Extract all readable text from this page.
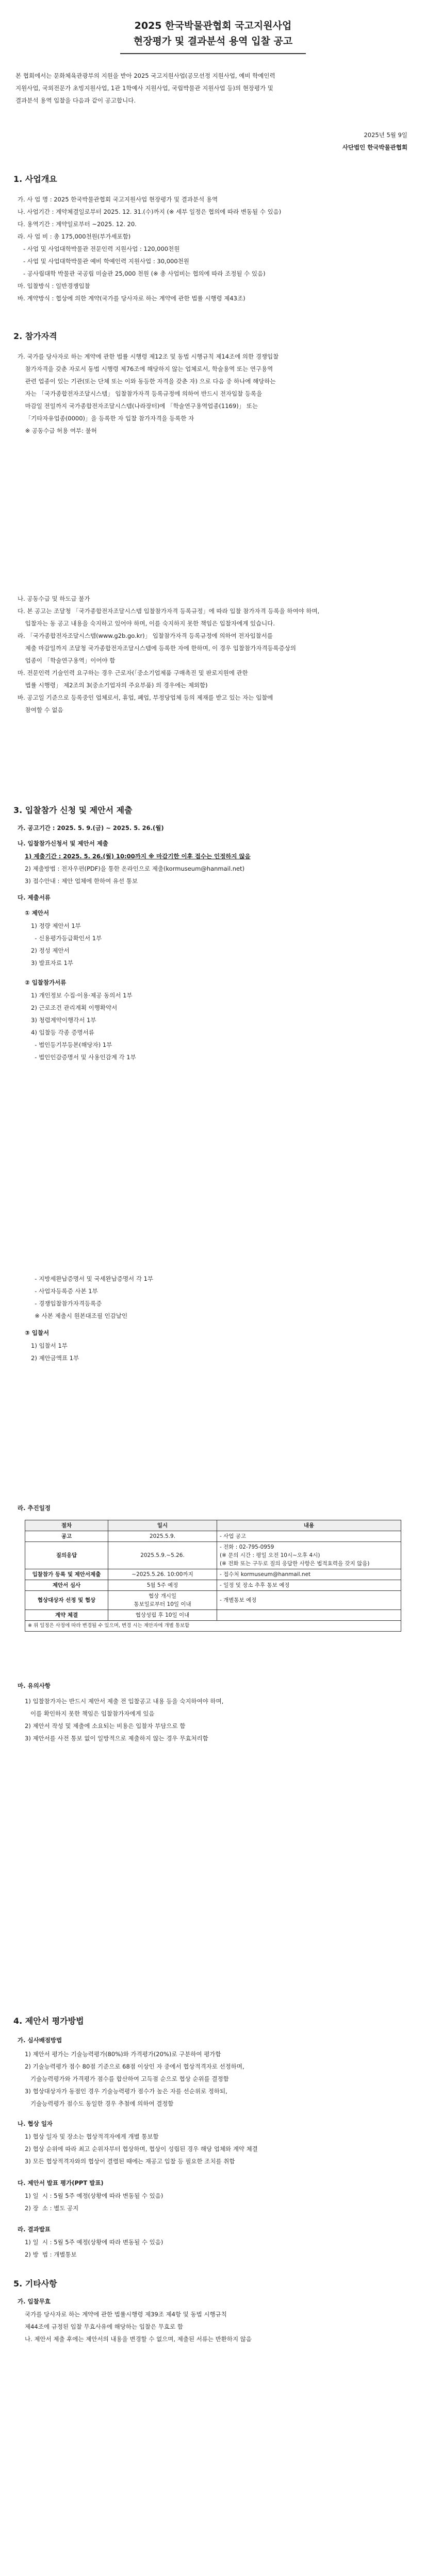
2025 한국박물관협회 국고지원사업
현장평가 및 결과분석 용역 입찰 공고
본 협회에서는 문화체육관광부의 지원을 받아 2025 국고지원사업(공모선정 지원사업, 예비 학예인력
지원사업, 국외전문가 초빙지원사업, 1관 1학예사 지원사업, 국립박물관 지원사업 등)의 현장평가 및
결과분석 용역 입찰을 다음과 같이 공고합니다.
2025년 5월 9일
사단법인 한국박물관협회
1. 사업개요
가. 사 업 명 : 2025 한국박물관협회 국고지원사업 현장평가 및 결과분석 용역
나. 사업기간 : 계약체결일로부터 2025. 12. 31.(수)까지 (※ 세부 일정은 협의에 따라 변동될 수 있음)
다. 용역기간 : 계약일로부터 ~2025. 12. 20.
라. 사 업 비 : 총 175,000천원(부가세포함)
- 사업 및 사업대학박물관 전문인력 지원사업 : 120,000천원
- 사업 및 사업대학박물관 예비 학예인력 지원사업 : 30,000천원
- 공사립대학 박물관 국공립 미술관 25,000 천원 (※ 총 사업비는 협의에 따라 조정될 수 있음)
마. 입찰방식 : 일반경쟁입찰
바. 계약방식 : 협상에 의한 계약(국가를 당사자로 하는 계약에 관한 법률 시행령 제43조)
2. 참가자격
가. 국가를 당사자로 하는 계약에 관한 법률 시행령 제12조 및 동법 시행규칙 제14조에 의한 경쟁입찰
참가자격을 갖춘 자로서 동법 시행령 제76조에 해당하지 않는 업체로서, 학술용역 또는 연구용역
관련 업종이 있는 기관(또는 단체 또는 이와 동등한 자격을 갖춘 자) 으로 다음 중 하나에 해당하는
자는 「국가종합전자조달시스템」 입찰참가자격 등록규정에 의하여 반드시 전자입찰 등록을
마감일 전일까지 국가종합전자조달시스템(나라장터)에 「학술연구용역업종(1169)」 또는
「기타자유업종(0000)」을 등록한 자 입찰 참가자격을 등록한 자
※ 공동수급 허용 여부: 불허
나. 공동수급 및 하도급 불가
다. 본 공고는 조달청 「국가종합전자조달시스템 입찰참가자격 등록규정」에 따라 입찰 참가자격 등록을 하여야 하며,
입찰자는 동 공고 내용을 숙지하고 있어야 하며, 이를 숙지하지 못한 책임은 입찰자에게 있습니다.
라. 「국가종합전자조달시스템(www.g2b.go.kr)」 입찰참가자격 등록규정에 의하여 전자입찰서를
제출 마감일까지 조달청 국가종합전자조달시스템에 등록한 자에 한하며, 이 경우 입찰참가자격등록증상의
업종이 「학술연구용역」이어야 함
마. 전문인력 기술인력 요구하는 경우 근로자(「중소기업제품 구매촉진 및 판로지원에 관한
법률 시행령」 제2조의 3(중소기업자의 주요부품) 의 경우에는 제외함)
바. 공고일 기준으로 등록중인 업체로서, 휴업, 폐업, 부정당업체 등의 제재를 받고 있는 자는 입찰에
참여할 수 없음
3. 입찰참가 신청 및 제안서 제출
가. 공고기간 : 2025. 5. 9.(금) ~ 2025. 5. 26.(월)
나. 입찰참가신청서 및 제안서 제출
1) 제출기간 : 2025. 5. 26.(월) 10:00까지 ※ 마감기한 이후 접수는 인정하지 않음
2) 제출방법 : 전자우편(PDF)을 통한 온라인으로 제출(kormuseum@hanmail.net)
3) 접수안내 : 제안 업체에 한하여 유선 통보
다. 제출서류
① 제안서
1) 정량 제안서 1부
- 신용평가등급확인서 1부
2) 정성 제안서
3) 발표자료 1부
② 입찰참가서류
1) 개인정보 수집·이용·제공 동의서 1부
2) 근로조건 관리계획 이행확약서
3) 청렴계약이행각서 1부
4) 입찰등 각종 증명서류
- 법인등기부등본(해당자) 1부
- 법인인감증명서 및 사용인감계 각 1부
- 지방세완납증명서 및 국세완납증명서 각 1부
- 사업자등록증 사본 1부
- 경쟁입찰참가자격등록증
※ 사본 제출시 원본대조필 인감날인
③ 입찰서
1) 입찰서 1부
2) 제안금액표 1부
라. 추진일정
절차	일시	내용
공고	2025.5.9.	- 사업 공고
질의응답	2025.5.9.~5.26.	- 전화 : 02-795-0959
(※ 문의 시간 : 평일 오전 10시~오후 4시)
(※ 전화 또는 구두로 질의 응답한 사항은 법적효력을 갖지 않음)
입찰참가 등록 및 제안서제출	~2025.5.26. 10:00까지	- 접수처 kormuseum@hanmail.net
제안서 심사	5월 5주 예정	- 일정 및 장소 추후 통보 예정
협상대상자 선정 및 협상	협상 개시일
통보일로부터 10일 이내	- 개별통보 예정
계약 체결	협상성립 후 10일 이내	
※ 위 일정은 사정에 따라 변경될 수 있으며, 변경 시는 제안자에 개별 통보함		
마. 유의사항
1) 입찰참가자는 반드시 제안서 제출 전 입찰공고 내용 등을 숙지하여야 하며,
이를 확인하지 못한 책임은 입찰참가자에게 있음
2) 제안서 작성 및 제출에 소요되는 비용은 입찰자 부담으로 함
3) 제안서를 사전 통보 없이 일방적으로 제출하지 않는 경우 무효처리함
4. 제안서 평가방법
가. 심사배점방법
1) 제안서 평가는 기술능력평가(80%)와 가격평가(20%)로 구분하여 평가함
2) 기술능력평가 점수 80점 기준으로 68점 이상인 자 중에서 협상적격자로 선정하며,
기술능력평가와 가격평가 점수를 합산하여 고득점 순으로 협상 순위를 결정함
3) 협상대상자가 동점인 경우 기술능력평가 점수가 높은 자를 선순위로 정하되,
기술능력평가 점수도 동일한 경우 추첨에 의하여 결정함
나. 협상 일자
1) 협상 일자 및 장소는 협상적격자에게 개별 통보함
2) 협상 순위에 따라 최고 순위자부터 협상하며, 협상이 성립된 경우 해당 업체와 계약 체결
3) 모든 협상적격자와의 협상이 결렬된 때에는 재공고 입찰 등 필요한 조치를 취함
다. 제안서 발표 평가(PPT 발표)
1) 일  시 : 5월 5주 예정(상황에 따라 변동될 수 있음)
2) 장  소 : 별도 공지
라. 결과발표
1) 일  시 : 5월 5주 예정(상황에 따라 변동될 수 있음)
2) 방  법 : 개별통보
5. 기타사항
가. 입찰무효
국가를 당사자로 하는 계약에 관한 법률시행령 제39조 제4항 및 동법 시행규칙
제44조에 규정된 입찰 무효사유에 해당하는 입찰은 무효로 함
나. 제안서 제출 후에는 제안서의 내용을 변경할 수 없으며, 제출된 서류는 반환하지 않음
